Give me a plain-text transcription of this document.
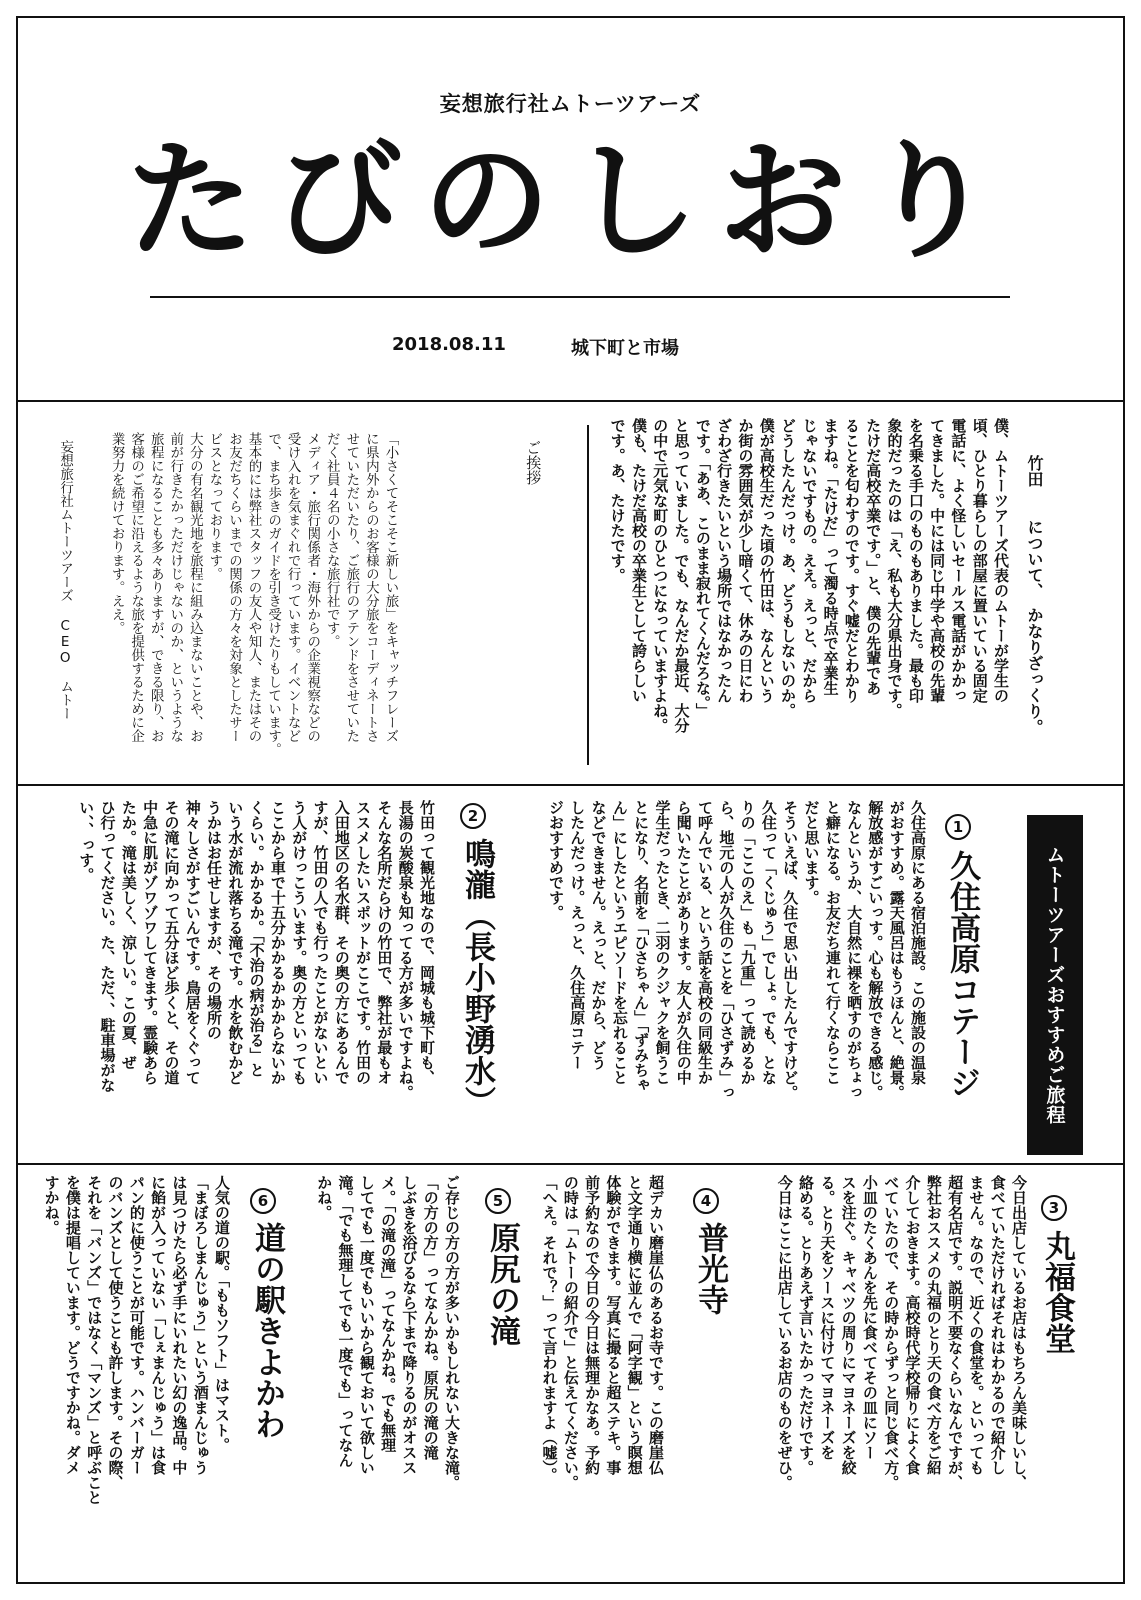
妄想旅行社ムトーツアーズ
たびのしおり
2018.08.11	城下町と市場
竹田　　について、　かなりざっくり。
僕、ムトーツアーズ代表のムトーが学生の
頃、ひとり暮らしの部屋に置いている固定
電話に、よく怪しいセールス電話がかかっ
てきました。中には同じ中学や高校の先輩
を名乗る手口のものもありました。最も印
象的だったのは「え、私も大分県出身です。
たけだ高校卒業です。」と、僕の先輩であ
ることを匂わすのです。すぐ嘘だとわかり
ますね。「たけだ」って濁る時点で卒業生
じゃないですもの。ええ。えっと、だから
どうしたんだっけ。あ、どうもしないのか。
僕が高校生だった頃の竹田は、なんという
か街の雰囲気が少し暗くて、休みの日にわ
ざわざ行きたいという場所ではなかったん
です。「ああ、このまま寂れてくんだろな。」
と思っていました。でも、なんだか最近、大分
の中で元気な町のひとつになっていますよね。
僕も、たけだ高校の卒業生として誇らしい
です。あ、たけたです。
ご挨拶
「小さくてそこそこ新しい旅」をキャッチフレーズ
に県内外からのお客様の大分旅をコーディネートさ
せていただいたり、ご旅行のアテンドをさせていた
だく社員４名の小さな旅行社です。
メディア・旅行関係者・海外からの企業視察などの
受け入れを気まぐれで行っています。イベントなど
で、まち歩きのガイドを引き受けたりもしています。
基本的には弊社スタッフの友人や知人、またはその
お友だちくらいまでの関係の方々を対象としたサー
ビスとなっております。
大分の有名観光地を旅程に組み込まないことや、お
前が行きたかっただけじゃないのか、というような
旅程になることも多々ありますが、できる限り、お
客様のご希望に沿えるような旅を提供するために企
業努力を続けております。ええ。
妄想旅行社ムトーツアーズ CEO　ムトー
ムトーツアーズおすすめご旅程
1
久住高原コテージ
久住高原にある宿泊施設。この施設の温泉
がおすすめ。露天風呂はもうほんと、絶景。
解放感がすごいっす。心も解放できる感じ。
なんというか、大自然に裸を晒すのがちょっ
と癖になる。お友だち連れて行くならここ
だと思います。
そういえば、久住で思い出したんですけど。
久住って「くじゅう」でしょ。でも、とな
りの「ここのえ」も「九重」って読めるか
ら、地元の人が久住のことを「ひさずみ」っ
て呼んでいる、という話を高校の同級生か
ら聞いたことがあります。友人が久住の中
学生だったとき、二羽のクジャクを飼うこ
とになり、名前を「ひさちゃん」「ずみちゃ
ん」にしたというエピソードを忘れること
などできません。えっと、だから、どう
したんだっけ。えっと、久住高原コテー
ジおすすめです。
2
鳴瀧（長小野湧水）
竹田って観光地なので、岡城も城下町も、
長湯の炭酸泉も知ってる方が多いですよね。
そんな名所だらけの竹田で、弊社が最もオ
ススメしたいスポットがここです。竹田の
入田地区の名水群、その奥の方にあるんで
すが、竹田の人でも行ったことがないとい
う人がけっこういます。奥の方といっても
ここから車で十五分かかるかかからないか
くらい。かかるか。「不治の病が治る」と
いう水が流れ落ちる滝です。水を飲むかど
うかはお任せしますが、その場所の
神々しさがすごいんです。鳥居をくぐって
その滝に向かって五分ほど歩くと、その道
中急に肌がゾワゾワしてきます。霊験あら
たか。滝は美しく、涼しい。この夏、ぜ
ひ行ってください。た、ただ、、駐車場がな
い、、っす。
3
丸福食堂
今日出店しているお店はもちろん美味しいし、
食べていただければそれはわかるので紹介し
ません。なので、近くの食堂を。といっても
超有名店です。説明不要なくらいなんですが、
弊社おススメの丸福のとり天の食べ方をご紹
介しておきます。高校時代学校帰りによく食
べていたので、その時からずっと同じ食べ方。
小皿のたくあんを先に食べてその皿にソー
スを注ぐ。キャベツの周りにマヨネーズを絞
る。とり天をソースに付けてマヨネーズを
絡める。とりあえず言いたかっただけです。
今日はここに出店しているお店のものをぜひ。
4
普光寺
超デカい磨崖仏のあるお寺です。この磨崖仏
と文字通り横に並んで「阿字観」という瞑想
体験ができます。写真に撮ると超ステキ。事
前予約なので今日の今日は無理かなあ。予約
の時は「ムトーの紹介で」と伝えてください。
「へえ。それで？」って言われますよ（嘘）。
5
原尻の滝
ご存じの方の方が多いかもしれない大きな滝。
「の方の方」ってなんかね。原尻の滝の滝
しぶきを浴びるなら下まで降りるのがオスス
メ。「の滝の滝」ってなんかね。でも無理
してでも一度でもいいから観ておいて欲しい
滝。「でも無理してでも一度でも」ってなん
かね。
6
道の駅きよかわ
人気の道の駅。「ももソフト」はマスト。
「まぼろしまんじゅう」という酒まんじゅう
は見つけたら必ず手にいれたい幻の逸品。中
に餡が入っていない「しぇまんじゅう」は食
パン的に使うことが可能です。ハンバーガー
のバンズとして使うことも許します。その際、
それを「バンズ」ではなく「マンズ」と呼ぶこと
を僕は提唱しています。どうですかね。ダメ
すかね。
